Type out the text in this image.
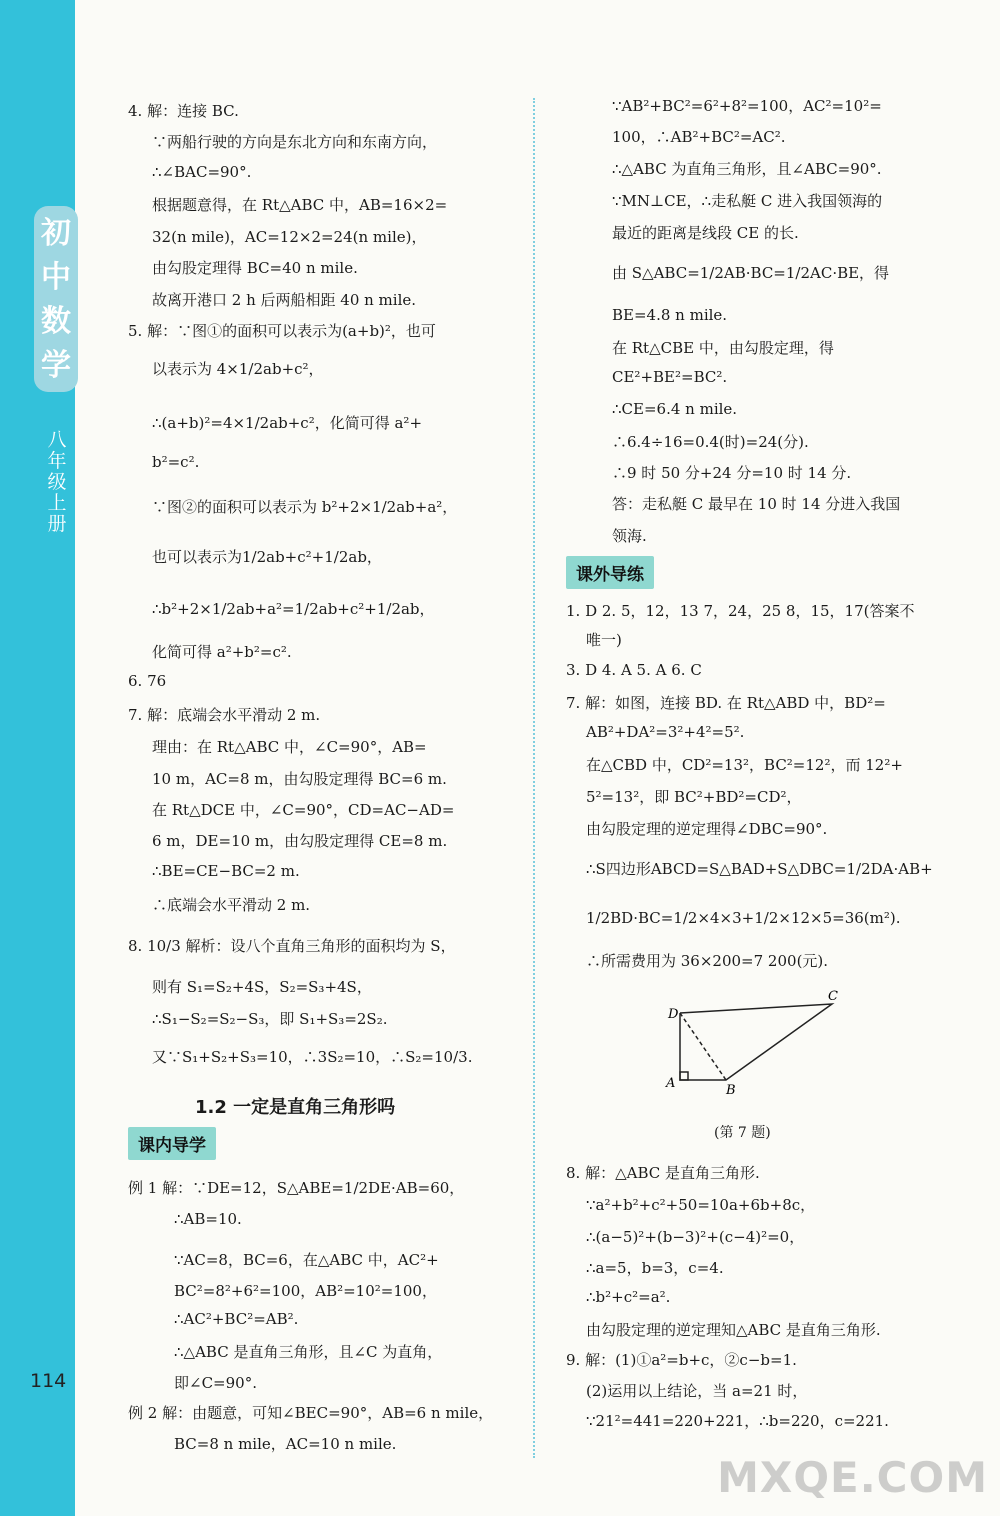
初中数学
八年级上册
114
4. 解：连接 BC.
∵两船行驶的方向是东北方向和东南方向，
∴∠BAC=90°.
根据题意得，在 Rt△ABC 中，AB=16×2=
32(n mile)，AC=12×2=24(n mile)，
由勾股定理得 BC=40 n mile.
故离开港口 2 h 后两船相距 40 n mile.
5. 解：∵图①的面积可以表示为(a+b)²，也可
以表示为 4×1/2ab+c²，
∴(a+b)²=4×1/2ab+c²，化简可得 a²+
b²=c².
∵图②的面积可以表示为 b²+2×1/2ab+a²，
也可以表示为1/2ab+c²+1/2ab，
∴b²+2×1/2ab+a²=1/2ab+c²+1/2ab，
化简可得 a²+b²=c².
6. 76
7. 解：底端会水平滑动 2 m.
理由：在 Rt△ABC 中，∠C=90°，AB=
10 m，AC=8 m，由勾股定理得 BC=6 m.
在 Rt△DCE 中，∠C=90°，CD=AC−AD=
6 m，DE=10 m，由勾股定理得 CE=8 m.
∴BE=CE−BC=2 m.
∴底端会水平滑动 2 m.
8. 10/3 解析：设八个直角三角形的面积均为 S，
则有 S₁=S₂+4S，S₂=S₃+4S，
∴S₁−S₂=S₂−S₃，即 S₁+S₃=2S₂.
又∵S₁+S₂+S₃=10，∴3S₂=10，∴S₂=10/3.
1.2 一定是直角三角形吗
课内导学
例 1 解：∵DE=12，S△ABE=1/2DE·AB=60，
∴AB=10.
∵AC=8，BC=6，在△ABC 中，AC²+
BC²=8²+6²=100，AB²=10²=100，
∴AC²+BC²=AB².
∴△ABC 是直角三角形，且∠C 为直角，
即∠C=90°.
例 2 解：由题意，可知∠BEC=90°，AB=6 n mile，
BC=8 n mile，AC=10 n mile.
∵AB²+BC²=6²+8²=100，AC²=10²=
100，∴AB²+BC²=AC².
∴△ABC 为直角三角形，且∠ABC=90°.
∵MN⊥CE，∴走私艇 C 进入我国领海的
最近的距离是线段 CE 的长.
由 S△ABC=1/2AB·BC=1/2AC·BE，得
BE=4.8 n mile.
在 Rt△CBE 中，由勾股定理，得
CE²+BE²=BC².
∴CE=6.4 n mile.
∴6.4÷16=0.4(时)=24(分).
∴9 时 50 分+24 分=10 时 14 分.
答：走私艇 C 最早在 10 时 14 分进入我国
领海.
课外导练
1. D 2. 5，12，13 7，24，25 8，15，17(答案不
唯一)
3. D 4. A 5. A 6. C
7. 解：如图，连接 BD. 在 Rt△ABD 中，BD²=
AB²+DA²=3²+4²=5².
在△CBD 中，CD²=13²，BC²=12²，而 12²+
5²=13²，即 BC²+BD²=CD²，
由勾股定理的逆定理得∠DBC=90°.
∴S四边形ABCD=S△BAD+S△DBC=1/2DA·AB+
1/2BD·BC=1/2×4×3+1/2×12×5=36(m²).
∴所需费用为 36×200=7 200(元).
D
C
A	B
(第 7 题)
8. 解：△ABC 是直角三角形.
∵a²+b²+c²+50=10a+6b+8c，
∴(a−5)²+(b−3)²+(c−4)²=0，
∴a=5，b=3，c=4.
∴b²+c²=a².
由勾股定理的逆定理知△ABC 是直角三角形.
9. 解：(1)①a²=b+c，②c−b=1.
(2)运用以上结论，当 a=21 时，
∵21²=441=220+221，∴b=220，c=221.
MXQE.COM
